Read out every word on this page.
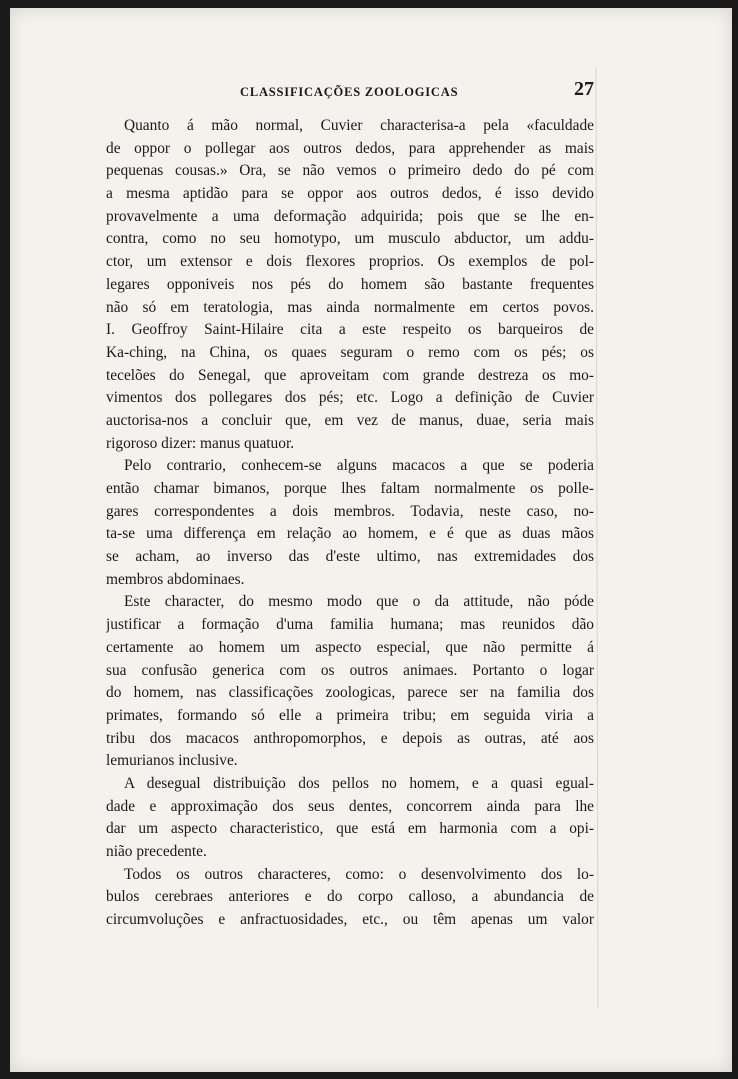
CLASSIFICAÇÕES ZOOLOGICAS	27
Quanto á mão normal, Cuvier characterisa-a pela «faculdade
de oppor o pollegar aos outros dedos, para apprehender as mais
pequenas cousas.» Ora, se não vemos o primeiro dedo do pé com
a mesma aptidão para se oppor aos outros dedos, é isso devido
provavelmente a uma deformação adquirida; pois que se lhe en-
contra, como no seu homotypo, um musculo abductor, um addu-
ctor, um extensor e dois flexores proprios. Os exemplos de pol-
legares opponiveis nos pés do homem são bastante frequentes
não só em teratologia, mas ainda normalmente em certos povos.
I. Geoffroy Saint-Hilaire cita a este respeito os barqueiros de
Ka-ching, na China, os quaes seguram o remo com os pés; os
tecelões do Senegal, que aproveitam com grande destreza os mo-
vimentos dos pollegares dos pés; etc. Logo a definição de Cuvier
auctorisa-nos a concluir que, em vez de manus, duae, seria mais
rigoroso dizer: manus quatuor.
Pelo contrario, conhecem-se alguns macacos a que se poderia
então chamar bimanos, porque lhes faltam normalmente os polle-
gares correspondentes a dois membros. Todavia, neste caso, no-
ta-se uma differença em relação ao homem, e é que as duas mãos
se acham, ao inverso das d'este ultimo, nas extremidades dos
membros abdominaes.
Este character, do mesmo modo que o da attitude, não póde
justificar a formação d'uma familia humana; mas reunidos dão
certamente ao homem um aspecto especial, que não permitte á
sua confusão generica com os outros animaes. Portanto o logar
do homem, nas classificações zoologicas, parece ser na familia dos
primates, formando só elle a primeira tribu; em seguida viria a
tribu dos macacos anthropomorphos, e depois as outras, até aos
lemurianos inclusive.
A desegual distribuição dos pellos no homem, e a quasi egual-
dade e approximação dos seus dentes, concorrem ainda para lhe
dar um aspecto characteristico, que está em harmonia com a opi-
nião precedente.
Todos os outros characteres, como: o desenvolvimento dos lo-
bulos cerebraes anteriores e do corpo calloso, a abundancia de
circumvoluções e anfractuosidades, etc., ou têm apenas um valor
